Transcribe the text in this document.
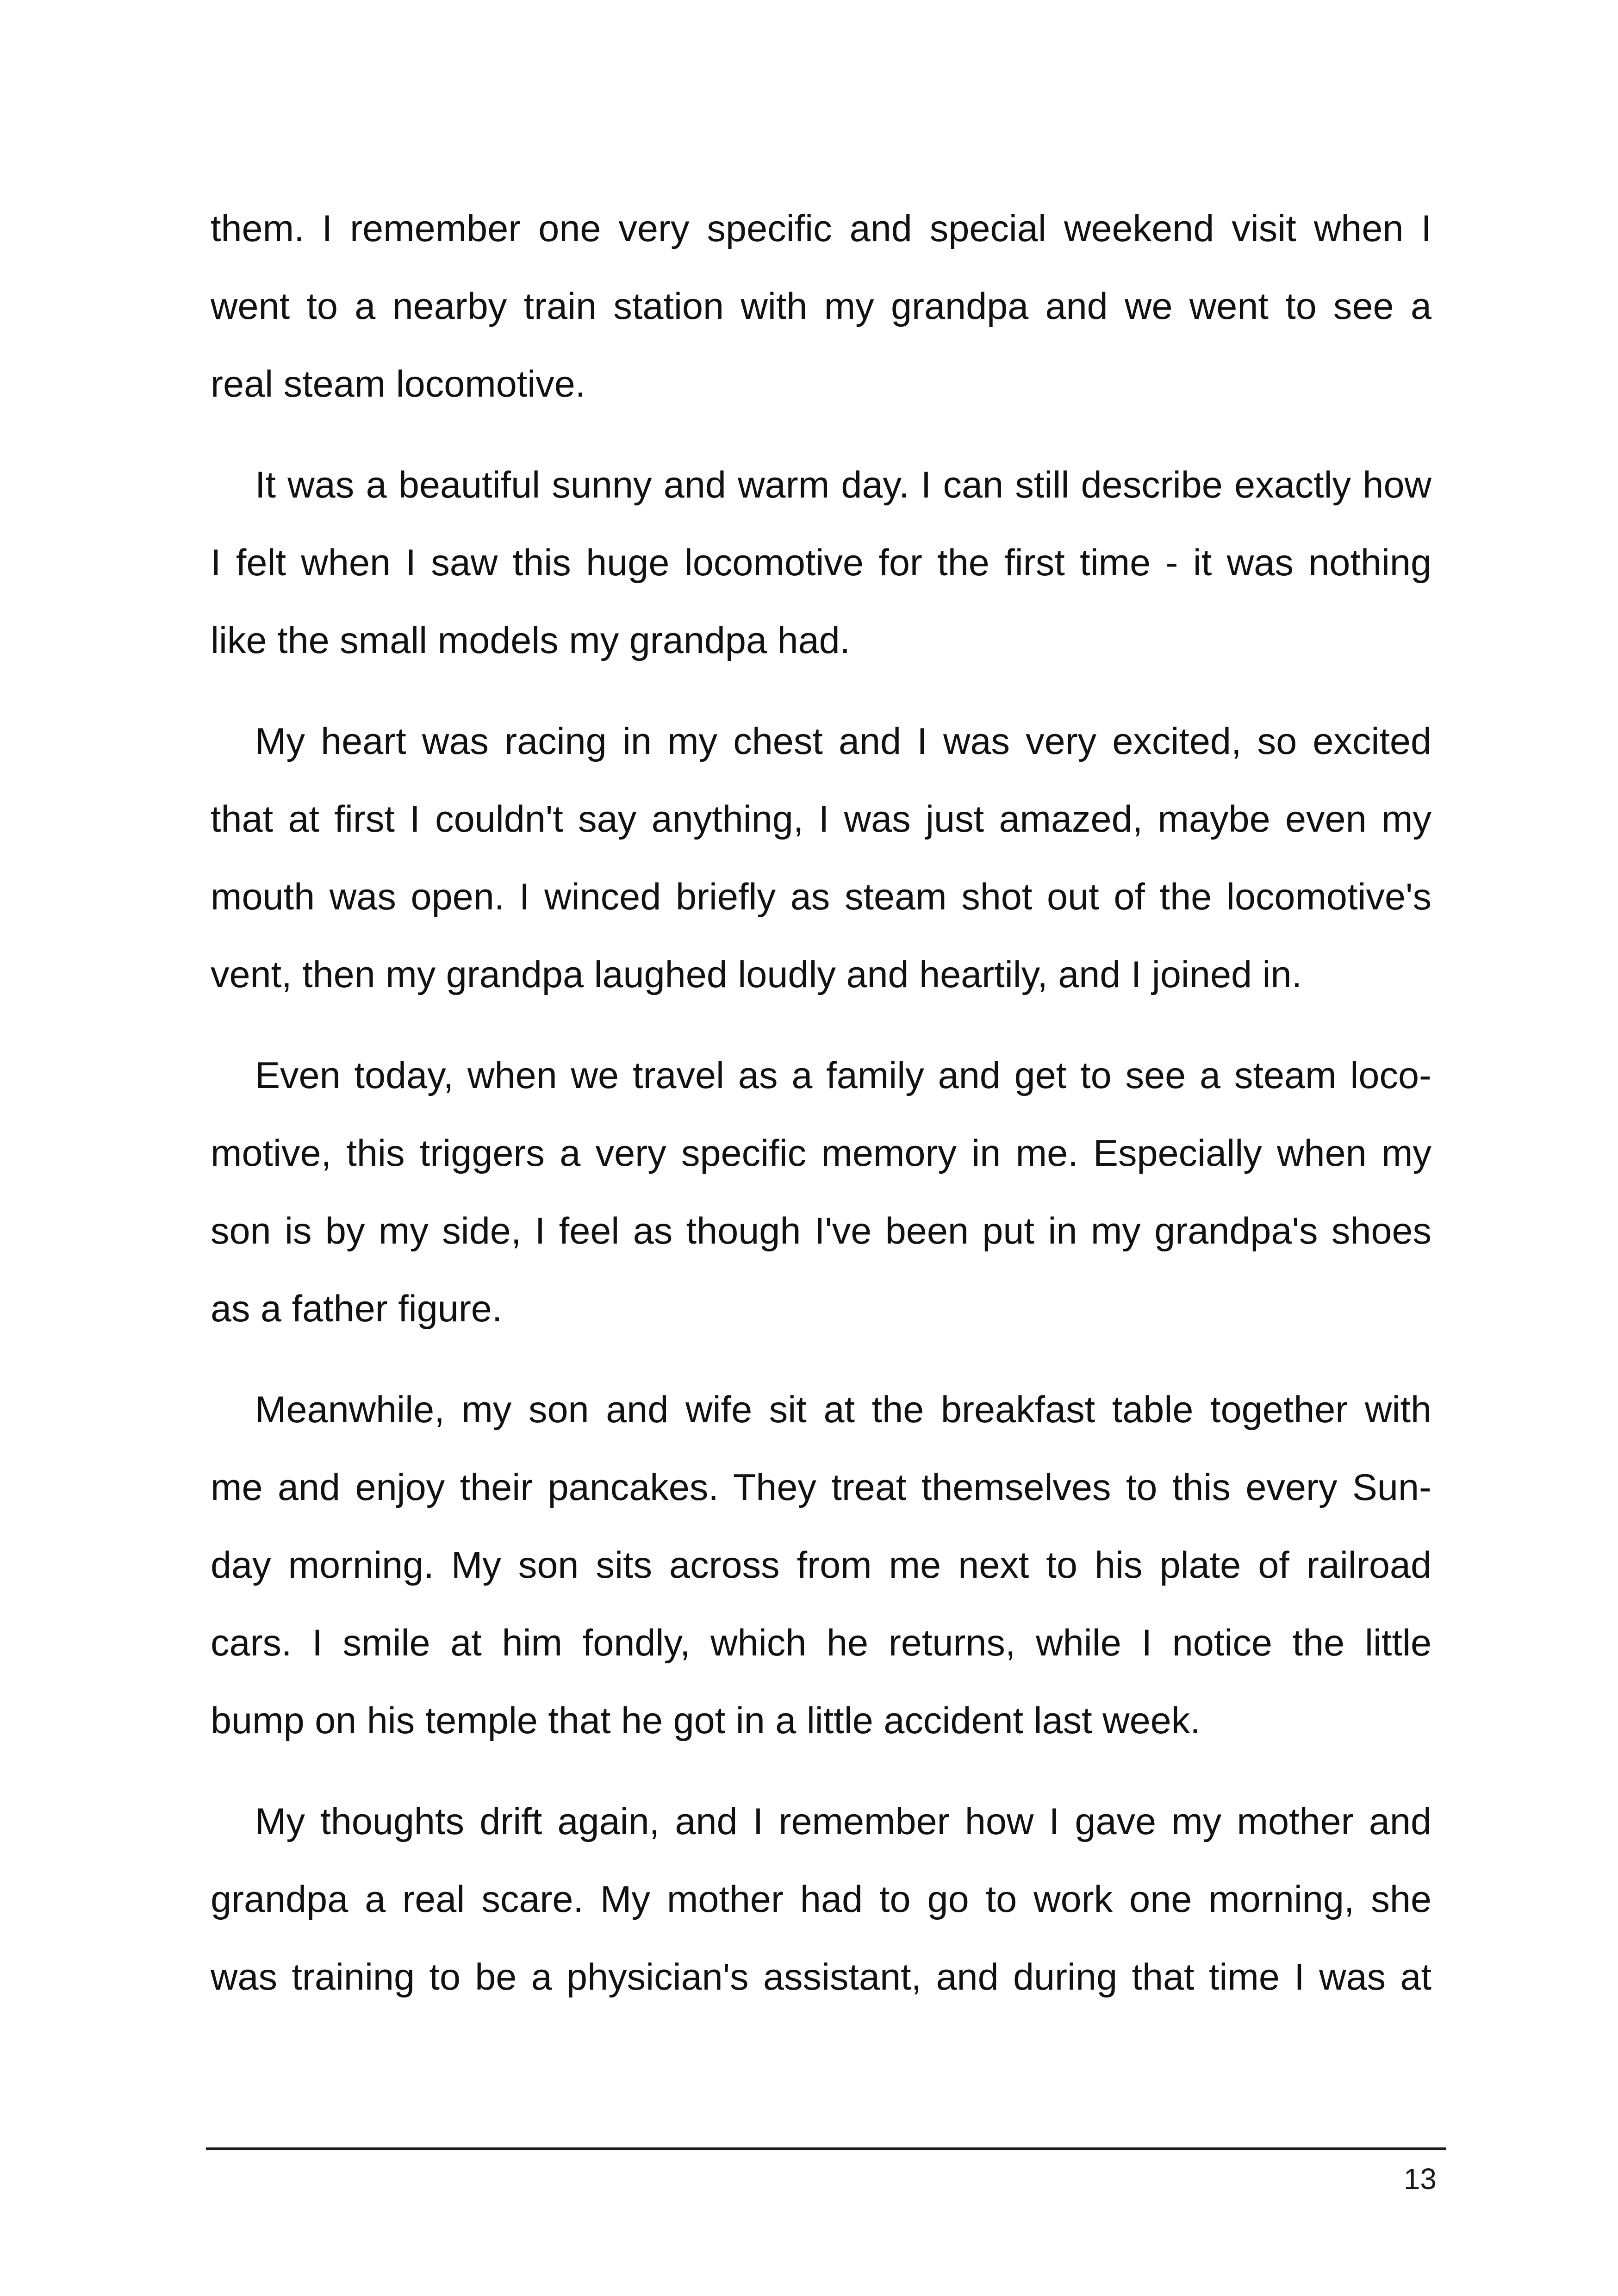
them. I remember one very specific and special weekend visit when I
went to a nearby train station with my grandpa and we went to see a
real steam locomotive.

It was a beautiful sunny and warm day. I can still describe exactly how
I felt when I saw this huge locomotive for the first time - it was nothing
like the small models my grandpa had.

My heart was racing in my chest and I was very excited, so excited
that at first I couldn't say anything, I was just amazed, maybe even my
mouth was open. I winced briefly as steam shot out of the locomotive's
vent, then my grandpa laughed loudly and heartily, and I joined in.

Even today, when we travel as a family and get to see a steam loco-
motive, this triggers a very specific memory in me. Especially when my
son is by my side, I feel as though I've been put in my grandpa's shoes
as a father figure.

Meanwhile, my son and wife sit at the breakfast table together with
me and enjoy their pancakes. They treat themselves to this every Sun-
day morning. My son sits across from me next to his plate of railroad
cars. I smile at him fondly, which he returns, while I notice the little
bump on his temple that he got in a little accident last week.

My thoughts drift again, and I remember how I gave my mother and
grandpa a real scare. My mother had to go to work one morning, she
was training to be a physician's assistant, and during that time I was at

13
